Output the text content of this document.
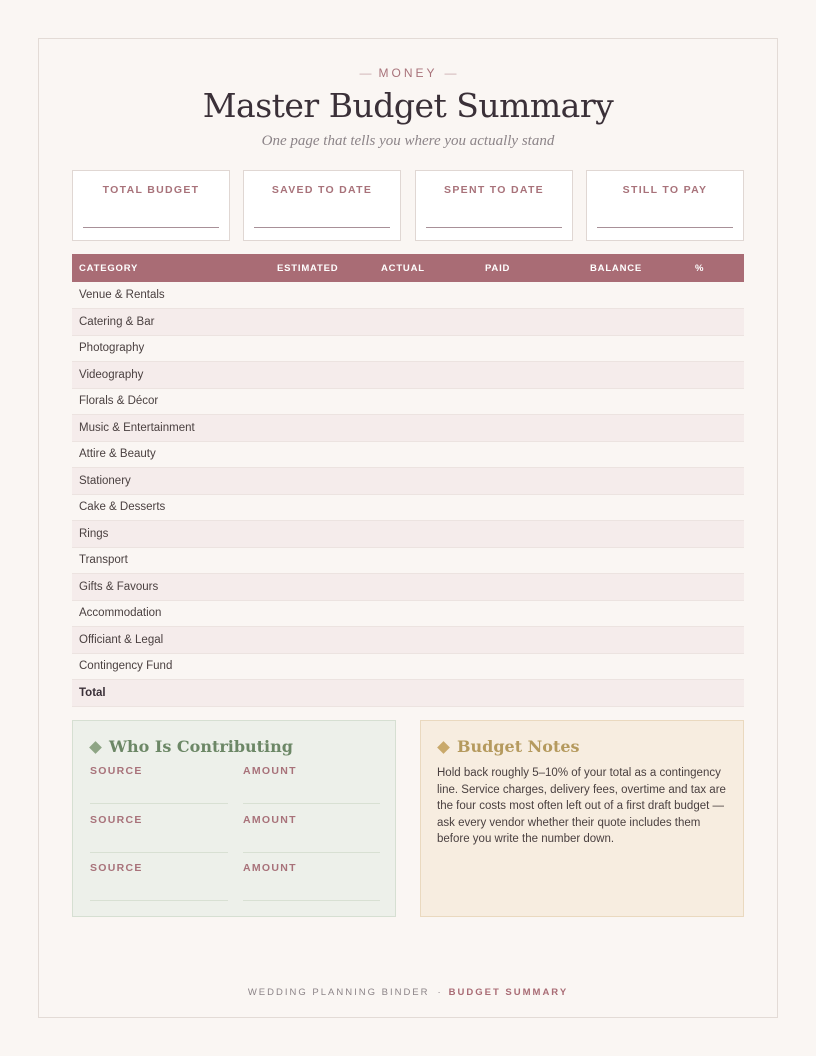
— MONEY —
Master Budget Summary
One page that tells you where you actually stand
TOTAL BUDGET	SAVED TO DATE	SPENT TO DATE	STILL TO PAY
CATEGORY	ESTIMATED	ACTUAL	PAID	BALANCE	%
Venue & Rentals					
Catering & Bar					
Photography					
Videography					
Florals & Décor					
Music & Entertainment					
Attire & Beauty					
Stationery					
Cake & Desserts					
Rings					
Transport					
Gifts & Favours					
Accommodation					
Officiant & Legal					
Contingency Fund					
Total					
Who Is Contributing
SOURCE	AMOUNT
SOURCE	AMOUNT
SOURCE	AMOUNT
Budget Notes
Hold back roughly 5–10% of your total as a contingency line. Service charges, delivery fees, overtime and tax are the four costs most often left out of a first draft budget — ask every vendor whether their quote includes them before you write the number down.
WEDDING PLANNING BINDER · BUDGET SUMMARY
